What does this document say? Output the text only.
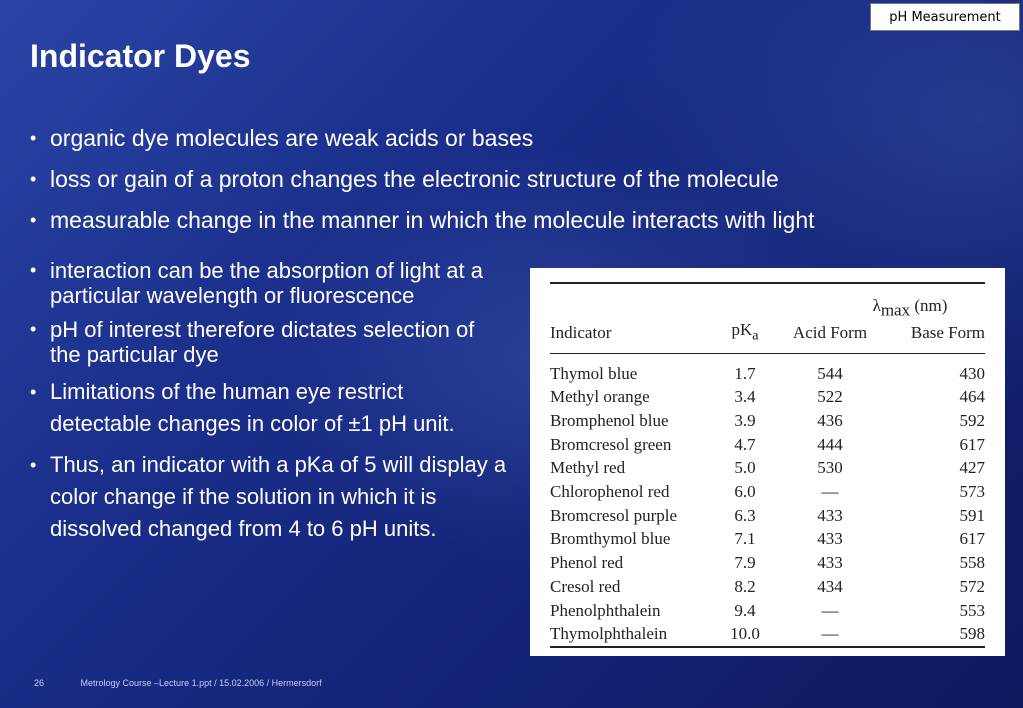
pH Measurement
Indicator Dyes
• organic dye molecules are weak acids or bases
• loss or gain of a proton changes the electronic structure of the molecule
• measurable change in the manner in which the molecule interacts with light
• interaction can be the absorption of light at a particular wavelength or fluorescence
• pH of interest therefore dictates selection of the particular dye
• Limitations of the human eye restrict detectable changes in color of ±1 pH unit.
• Thus, an indicator with a pKa of 5 will display a color change if the solution in which it is dissolved changed from 4 to 6 pH units.
		$\lambda_{max}$ (nm)	
Indicator	$pK_a$	Acid Form	Base Form
Thymol blue	1.7	544	430
Methyl orange	3.4	522	464
Bromphenol blue	3.9	436	592
Bromcresol green	4.7	444	617
Methyl red	5.0	530	427
Chlorophenol red	6.0	—	573
Bromcresol purple	6.3	433	591
Bromthymol blue	7.1	433	617
Phenol red	7.9	433	558
Cresol red	8.2	434	572
Phenolphthalein	9.4	—	553
Thymolphthalein	10.0	—	598
26	Metrology Course –Lecture 1.ppt / 15.02.2006 / Hermersdorf
